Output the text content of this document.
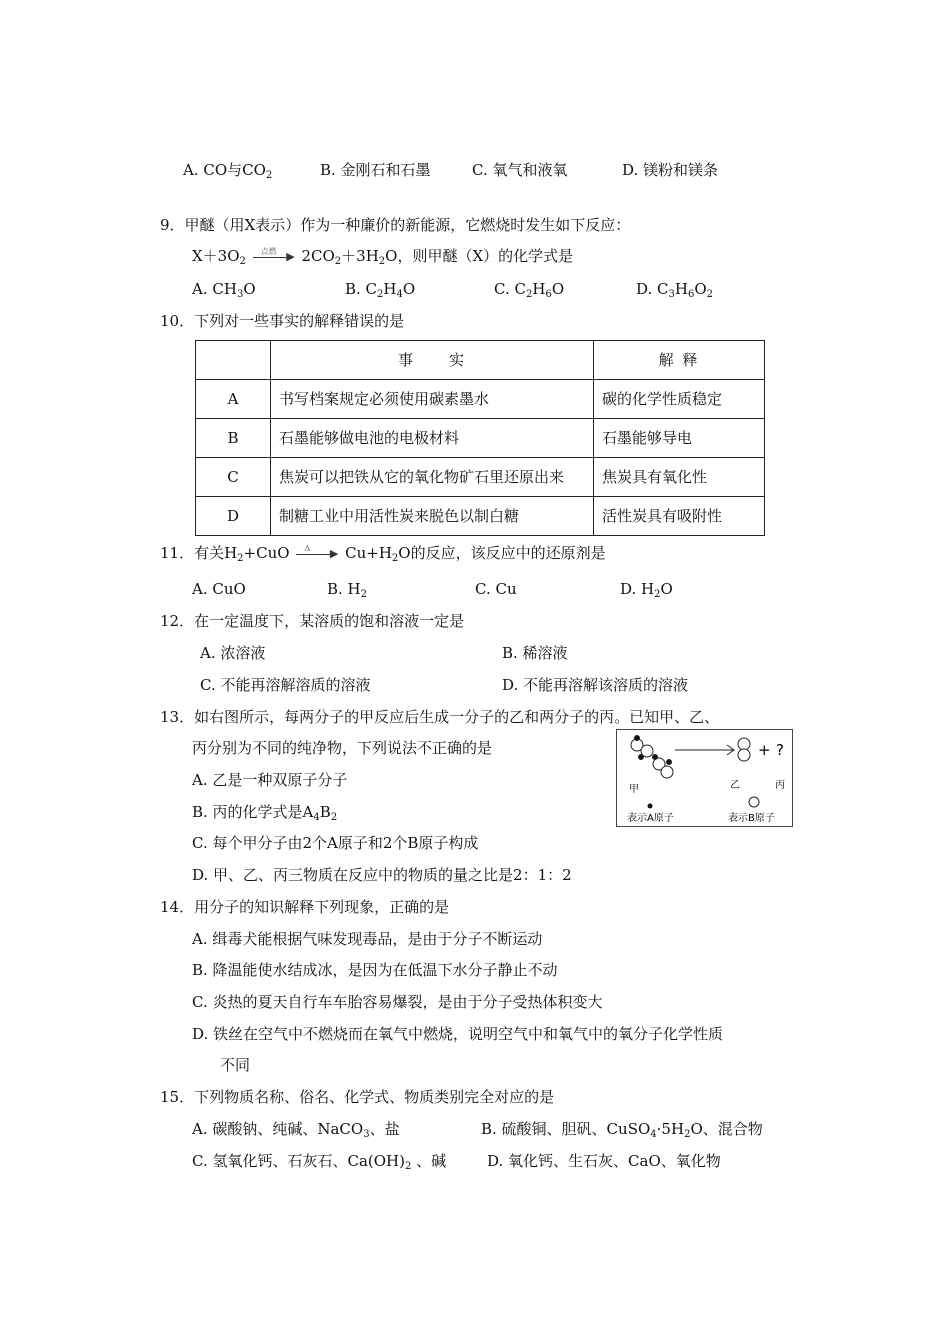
A. CO与$CO_2$	B. 金刚石和石墨	C. 氧气和液氧	D. 镁粉和镁条
9．甲醚（用X表示）作为一种廉价的新能源，它燃烧时发生如下反应：
$X+3O_2$
点燃 ▶ $2CO_2+3H_2O$，则甲醚（X）的化学式是
A. $CH_3O$	B. $C_2H_4O$	C. $C_2H_6O$	D. $C_3H_6O_2$
10．下列对一些事实的解释错误的是
	事　　实	解 释
A	书写档案规定必须使用碳素墨水	碳的化学性质稳定
B	石墨能够做电池的电极材料	石墨能够导电
C	焦炭可以把铁从它的氧化物矿石里还原出来	焦炭具有氧化性
D	制糖工业中用活性炭来脱色以制白糖	活性炭具有吸附性
11．有关$H_2+CuO$ Δ ▶ $Cu+H_2O$的反应，该反应中的还原剂是
A. CuO	B. $H_2$	C. Cu	D. $H_2O$
12．在一定温度下，某溶质的饱和溶液一定是
A. 浓溶液	B. 稀溶液
C. 不能再溶解溶质的溶液	D. 不能再溶解该溶质的溶液
13．如右图所示，每两分子的甲反应后生成一分子的乙和两分子的丙。已知甲、乙、
丙分别为不同的纯净物，下列说法不正确的是
A. 乙是一种双原子分子
B. 丙的化学式是$A_4B_2$
C. 每个甲分子由2个A原子和2个B原子构成
D. 甲、乙、丙三物质在反应中的物质的量之比是2：1：2
+ ?
甲	乙	丙
表示A原子	表示B原子
14．用分子的知识解释下列现象，正确的是
A. 缉毒犬能根据气味发现毒品，是由于分子不断运动
B. 降温能使水结成冰，是因为在低温下水分子静止不动
C. 炎热的夏天自行车车胎容易爆裂，是由于分子受热体积变大
D. 铁丝在空气中不燃烧而在氧气中燃烧，说明空气中和氧气中的氧分子化学性质
不同
15．下列物质名称、俗名、化学式、物质类别完全对应的是
A. 碳酸钠、纯碱、NaCO$_3$、盐	B. 硫酸铜、胆矾、$CuSO_4\cdot 5H_2O$、混合物
C. 氢氧化钙、石灰石、$Ca(OH)_2$ 、碱	D. 氧化钙、生石灰、CaO、氧化物
